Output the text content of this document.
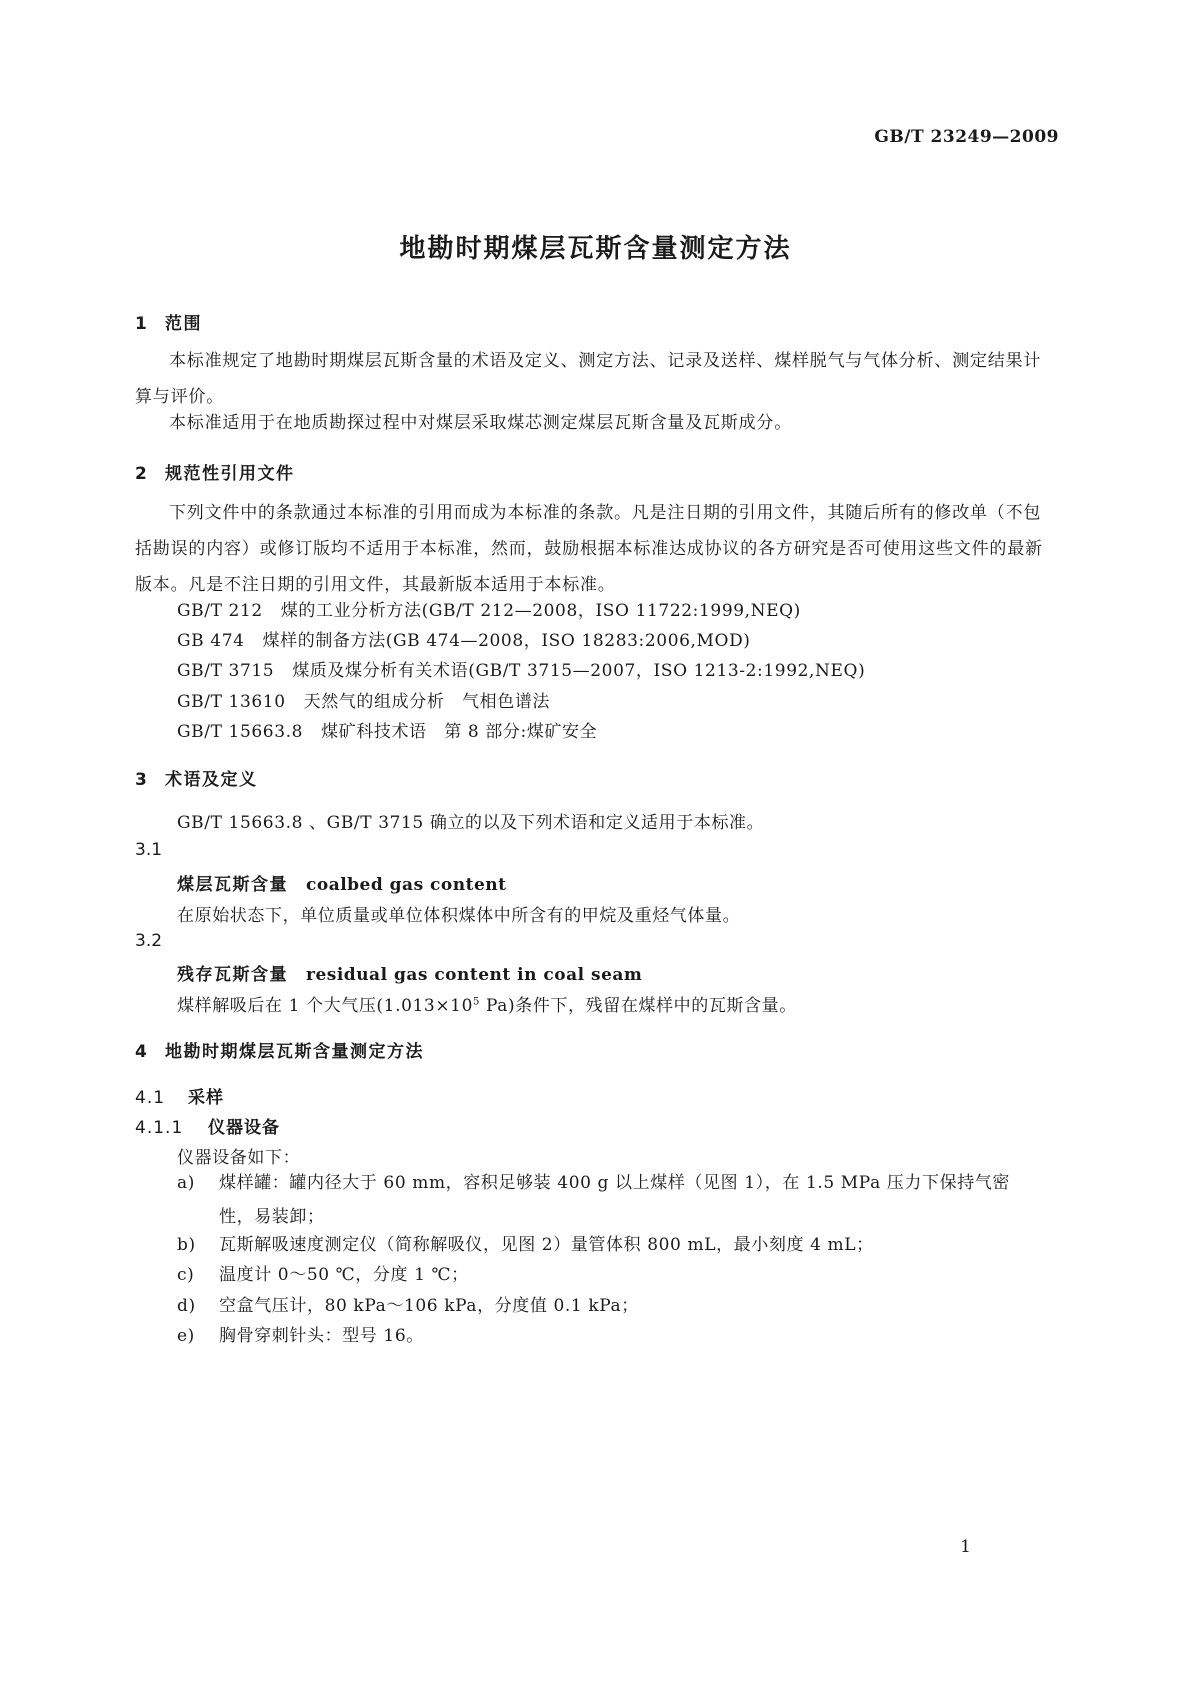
GB/T 23249—2009
地勘时期煤层瓦斯含量测定方法
1 范围
本标准规定了地勘时期煤层瓦斯含量的术语及定义、测定方法、记录及送样、煤样脱气与气体分析、测定结果计算与评价。
本标准适用于在地质勘探过程中对煤层采取煤芯测定煤层瓦斯含量及瓦斯成分。
2 规范性引用文件
下列文件中的条款通过本标准的引用而成为本标准的条款。凡是注日期的引用文件，其随后所有的修改单（不包括勘误的内容）或修订版均不适用于本标准，然而，鼓励根据本标准达成协议的各方研究是否可使用这些文件的最新版本。凡是不注日期的引用文件，其最新版本适用于本标准。
GB/T 212 煤的工业分析方法(GB/T 212—2008，ISO 11722:1999,NEQ)
GB 474 煤样的制备方法(GB 474—2008，ISO 18283:2006,MOD)
GB/T 3715 煤质及煤分析有关术语(GB/T 3715—2007，ISO 1213-2:1992,NEQ)
GB/T 13610 天然气的组成分析　气相色谱法
GB/T 15663.8 煤矿科技术语　第 8 部分:煤矿安全
3 术语及定义
GB/T 15663.8 、GB/T 3715 确立的以及下列术语和定义适用于本标准。
3.1
煤层瓦斯含量 coalbed gas content
在原始状态下，单位质量或单位体积煤体中所含有的甲烷及重烃气体量。
3.2
残存瓦斯含量 residual gas content in coal seam
煤样解吸后在 1 个大气压($1.013\times 10^5$ Pa)条件下，残留在煤样中的瓦斯含量。
4 地勘时期煤层瓦斯含量测定方法
4.1 采样
4.1.1 仪器设备
仪器设备如下：
a) 煤样罐：罐内径大于 60 mm，容积足够装 400 g 以上煤样（见图 1），在 1.5 MPa 压力下保持气密性，易装卸；
b) 瓦斯解吸速度测定仪（简称解吸仪，见图 2）量管体积 800 mL，最小刻度 4 mL；
c) 温度计 0～50 ℃，分度 1 ℃；
d) 空盒气压计，80 kPa～106 kPa，分度值 0.1 kPa；
e) 胸骨穿刺针头：型号 16。
1
